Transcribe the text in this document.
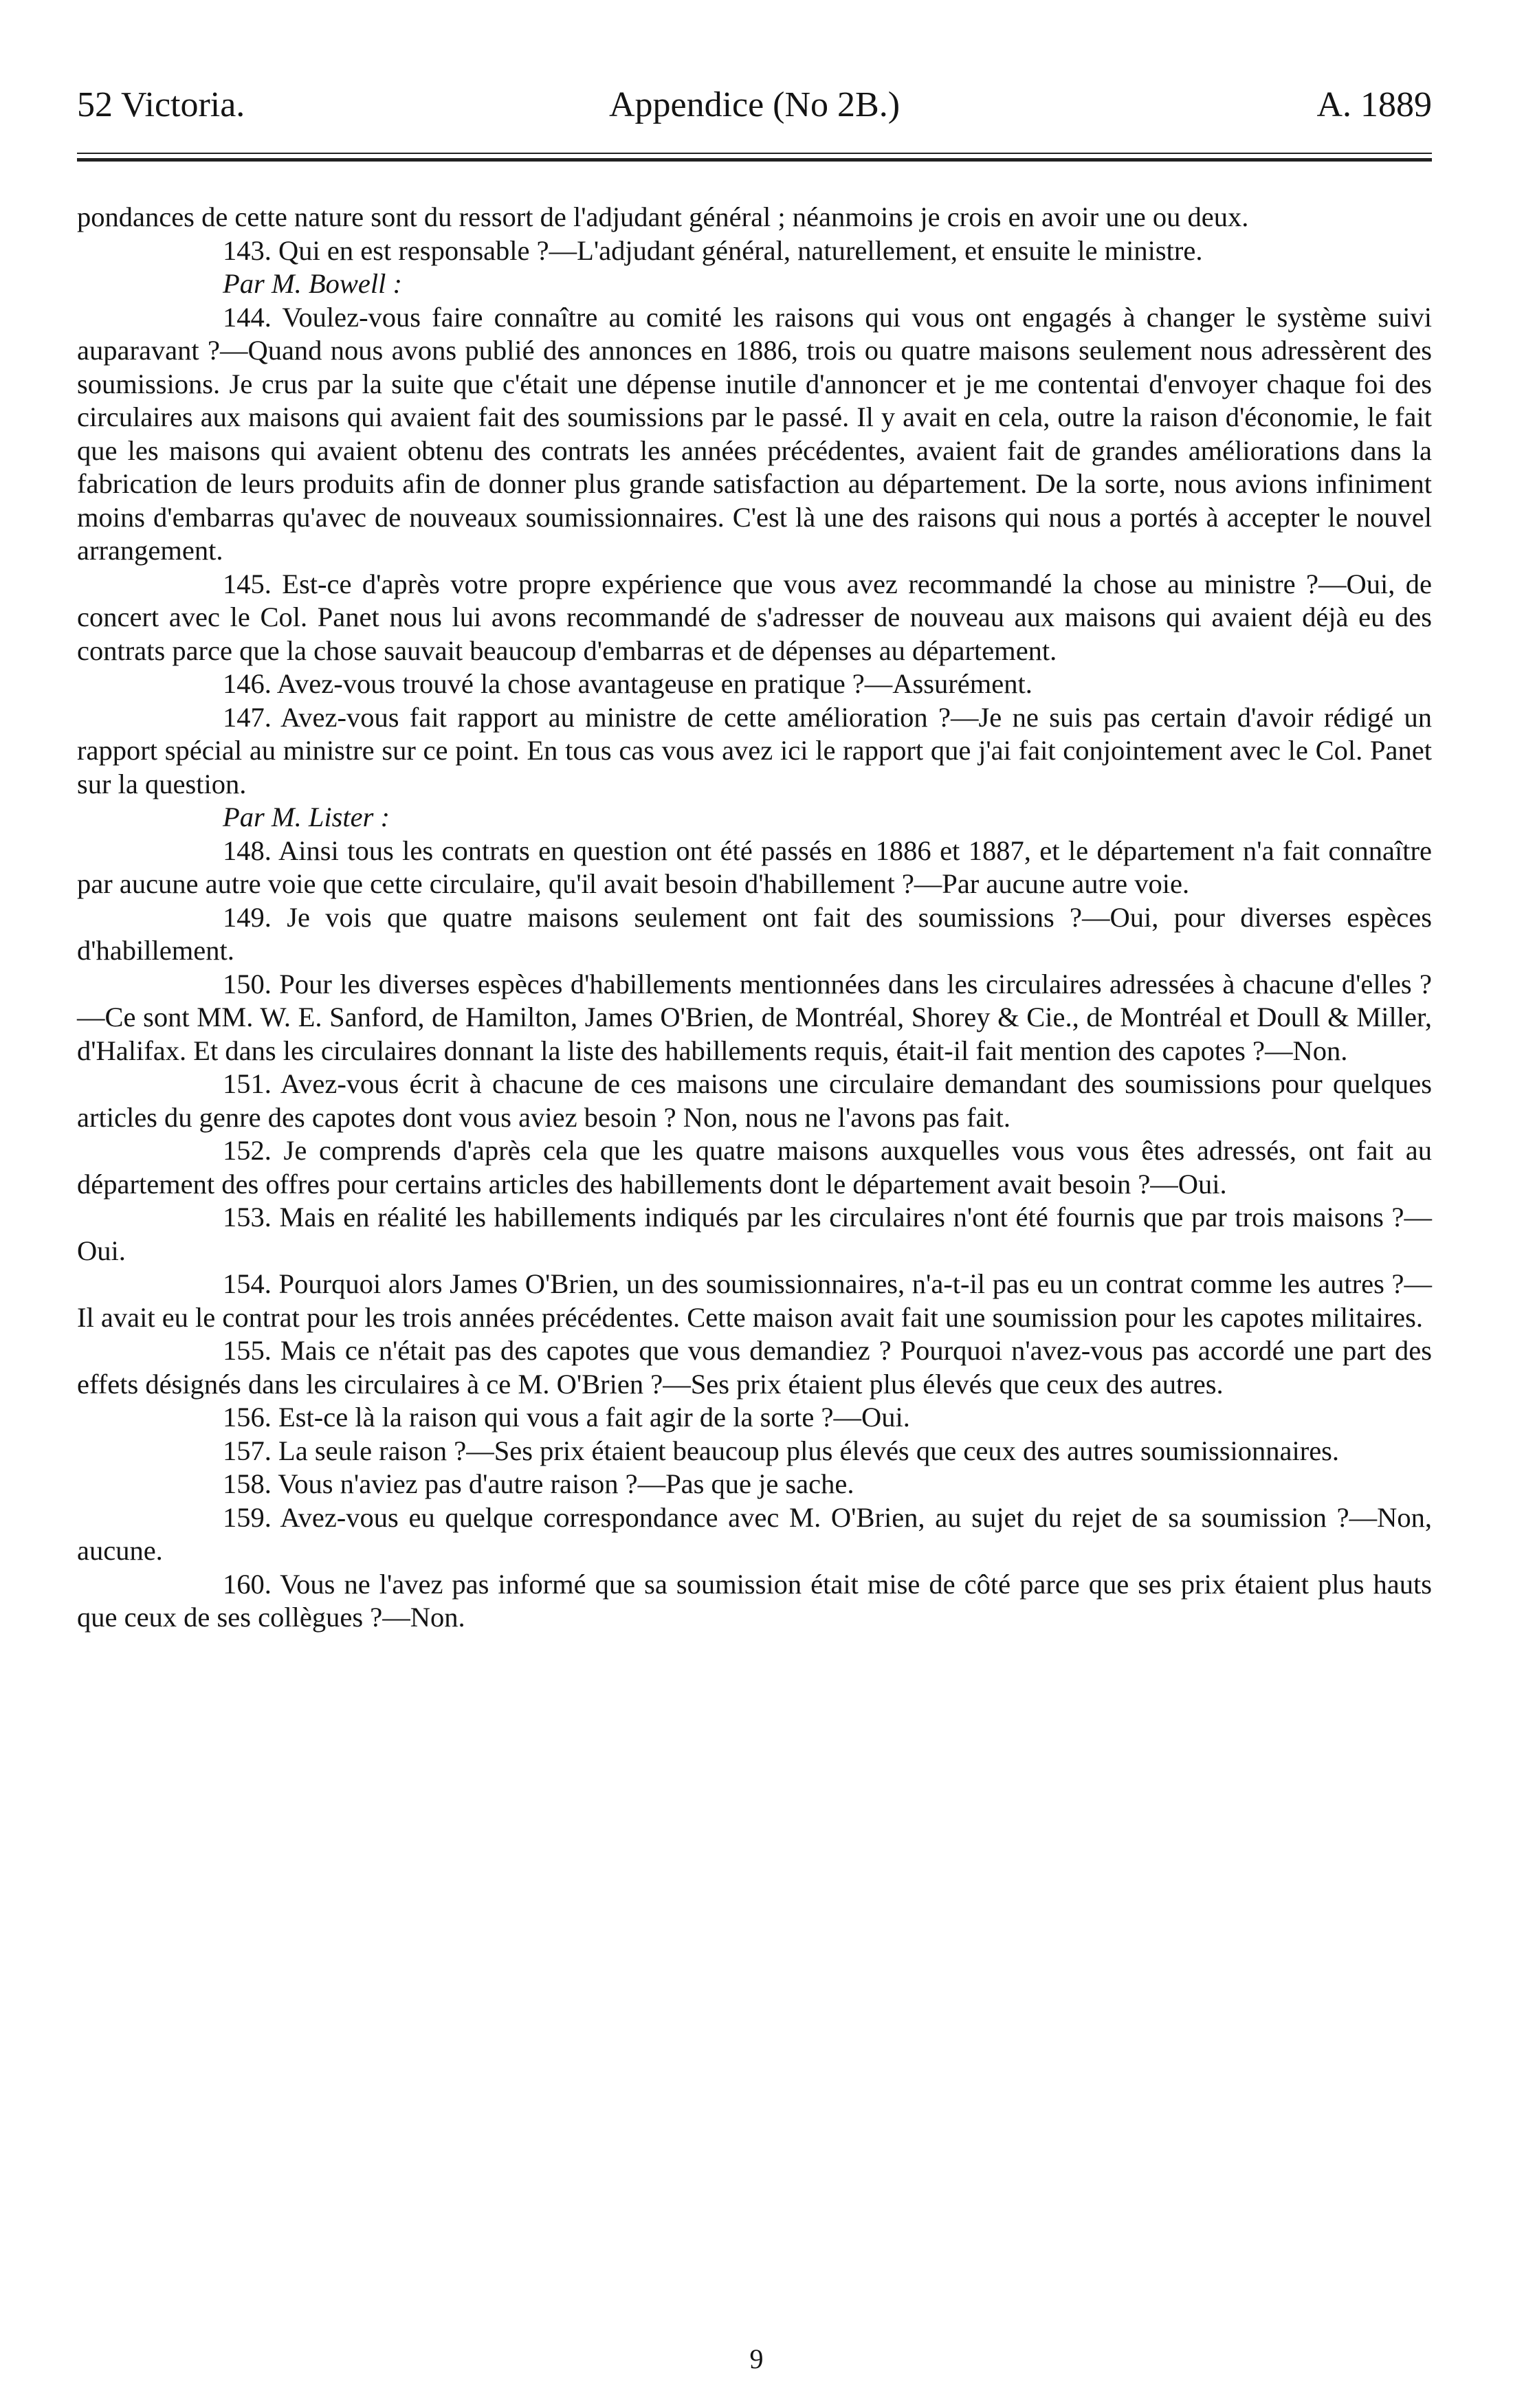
52 Victoria.	Appendice (No 2B.)	A. 1889

pondances de cette nature sont du ressort de l'adjudant général ; néanmoins je crois en avoir une ou deux.

143. Qui en est responsable ?—L'adjudant général, naturellement, et ensuite le ministre.

Par M. Bowell :

144. Voulez-vous faire connaître au comité les raisons qui vous ont engagés à changer le système suivi auparavant ?—Quand nous avons publié des annonces en 1886, trois ou quatre maisons seulement nous adressèrent des soumissions. Je crus par la suite que c'était une dépense inutile d'annoncer et je me contentai d'envoyer chaque foi des circulaires aux maisons qui avaient fait des soumissions par le passé. Il y avait en cela, outre la raison d'économie, le fait que les maisons qui avaient obtenu des contrats les années précédentes, avaient fait de grandes améliorations dans la fabrication de leurs produits afin de donner plus grande satisfaction au département. De la sorte, nous avions infiniment moins d'embarras qu'avec de nouveaux soumissionnaires. C'est là une des raisons qui nous a portés à accepter le nouvel arrangement.

145. Est-ce d'après votre propre expérience que vous avez recommandé la chose au ministre ?—Oui, de concert avec le Col. Panet nous lui avons recommandé de s'adresser de nouveau aux maisons qui avaient déjà eu des contrats parce que la chose sauvait beaucoup d'embarras et de dépenses au département.

146. Avez-vous trouvé la chose avantageuse en pratique ?—Assurément.

147. Avez-vous fait rapport au ministre de cette amélioration ?—Je ne suis pas certain d'avoir rédigé un rapport spécial au ministre sur ce point. En tous cas vous avez ici le rapport que j'ai fait conjointement avec le Col. Panet sur la question.

Par M. Lister :

148. Ainsi tous les contrats en question ont été passés en 1886 et 1887, et le département n'a fait connaître par aucune autre voie que cette circulaire, qu'il avait besoin d'habillement ?—Par aucune autre voie.

149. Je vois que quatre maisons seulement ont fait des soumissions ?—Oui, pour diverses espèces d'habillement.

150. Pour les diverses espèces d'habillements mentionnées dans les circulaires adressées à chacune d'elles ?—Ce sont MM. W. E. Sanford, de Hamilton, James O'Brien, de Montréal, Shorey & Cie., de Montréal et Doull & Miller, d'Halifax. Et dans les circulaires donnant la liste des habillements requis, était-il fait mention des capotes ?—Non.

151. Avez-vous écrit à chacune de ces maisons une circulaire demandant des soumissions pour quelques articles du genre des capotes dont vous aviez besoin ? Non, nous ne l'avons pas fait.

152. Je comprends d'après cela que les quatre maisons auxquelles vous vous êtes adressés, ont fait au département des offres pour certains articles des habillements dont le département avait besoin ?—Oui.

153. Mais en réalité les habillements indiqués par les circulaires n'ont été fournis que par trois maisons ?—Oui.

154. Pourquoi alors James O'Brien, un des soumissionnaires, n'a-t-il pas eu un contrat comme les autres ?—Il avait eu le contrat pour les trois années précédentes. Cette maison avait fait une soumission pour les capotes militaires.

155. Mais ce n'était pas des capotes que vous demandiez ? Pourquoi n'avez-vous pas accordé une part des effets désignés dans les circulaires à ce M. O'Brien ?—Ses prix étaient plus élevés que ceux des autres.

156. Est-ce là la raison qui vous a fait agir de la sorte ?—Oui.

157. La seule raison ?—Ses prix étaient beaucoup plus élevés que ceux des autres soumissionnaires.

158. Vous n'aviez pas d'autre raison ?—Pas que je sache.

159. Avez-vous eu quelque correspondance avec M. O'Brien, au sujet du rejet de sa soumission ?—Non, aucune.

160. Vous ne l'avez pas informé que sa soumission était mise de côté parce que ses prix étaient plus hauts que ceux de ses collègues ?—Non.

9
